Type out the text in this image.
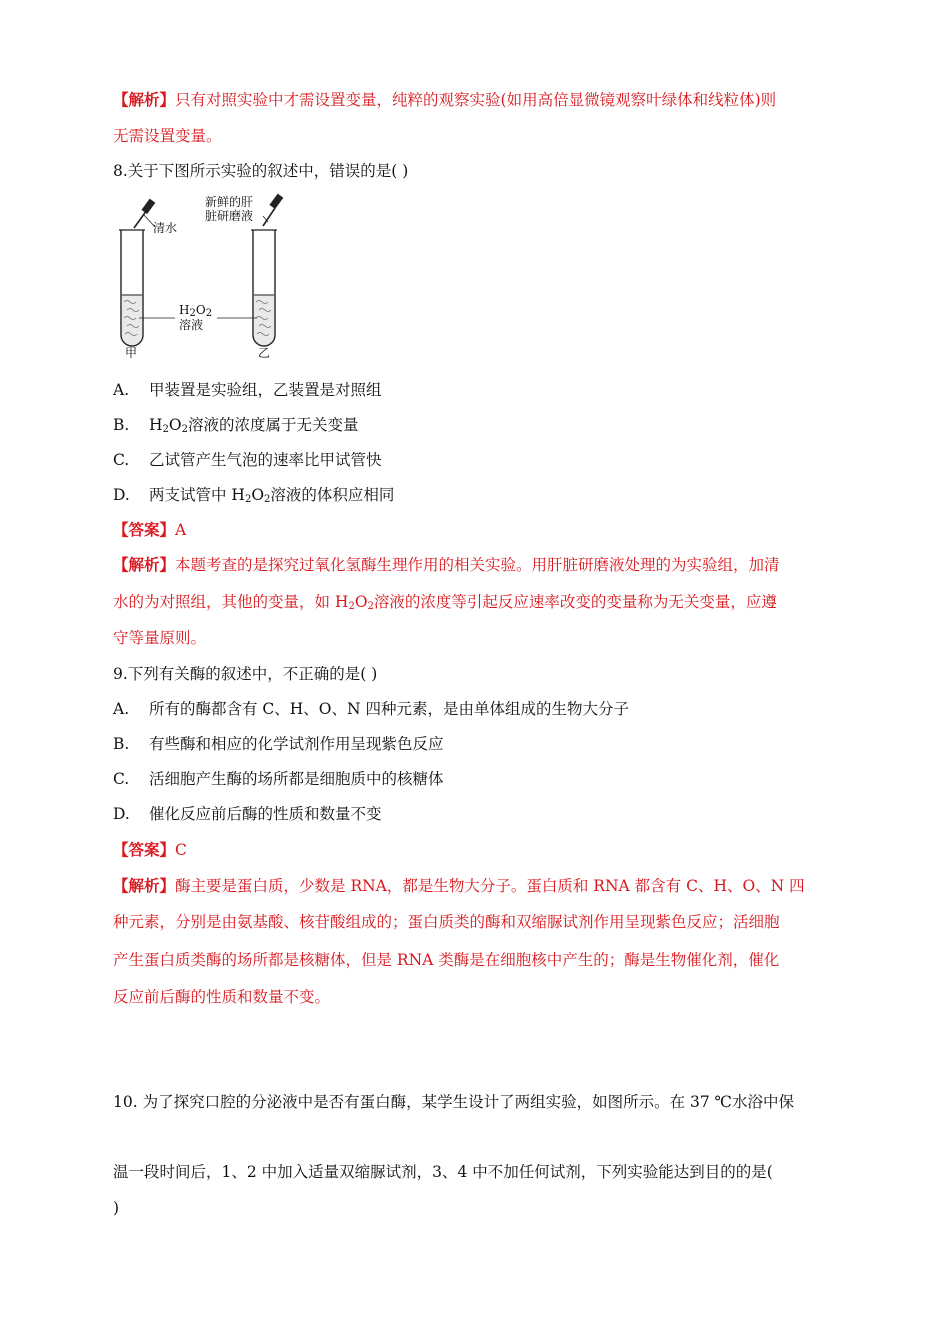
【解析】只有对照实验中才需设置变量，纯粹的观察实验(如用高倍显微镜观察叶绿体和线粒体)则
无需设置变量。
8.关于下图所示实验的叙述中，错误的是( )
清水
新鲜的肝
脏研磨液
$H_2O_2$
溶液
甲	乙
A. 甲装置是实验组，乙装置是对照组
B. $H_2O_2$溶液的浓度属于无关变量
C. 乙试管产生气泡的速率比甲试管快
D. 两支试管中 $H_2O_2$溶液的体积应相同
【答案】A
【解析】本题考查的是探究过氧化氢酶生理作用的相关实验。用肝脏研磨液处理的为实验组，加清
水的为对照组，其他的变量，如 $H_2O_2$溶液的浓度等引起反应速率改变的变量称为无关变量，应遵
守等量原则。
9.下列有关酶的叙述中，不正确的是( )
A. 所有的酶都含有 C、H、O、N 四种元素，是由单体组成的生物大分子
B. 有些酶和相应的化学试剂作用呈现紫色反应
C. 活细胞产生酶的场所都是细胞质中的核糖体
D. 催化反应前后酶的性质和数量不变
【答案】C
【解析】酶主要是蛋白质，少数是 RNA，都是生物大分子。蛋白质和 RNA 都含有 C、H、O、N 四
种元素，分别是由氨基酸、核苷酸组成的；蛋白质类的酶和双缩脲试剂作用呈现紫色反应；活细胞
产生蛋白质类酶的场所都是核糖体，但是 RNA 类酶是在细胞核中产生的；酶是生物催化剂，催化
反应前后酶的性质和数量不变。
10. 为了探究口腔的分泌液中是否有蛋白酶，某学生设计了两组实验，如图所示。在 37 ℃水浴中保
温一段时间后，1、2 中加入适量双缩脲试剂，3、4 中不加任何试剂，下列实验能达到目的的是(
)
